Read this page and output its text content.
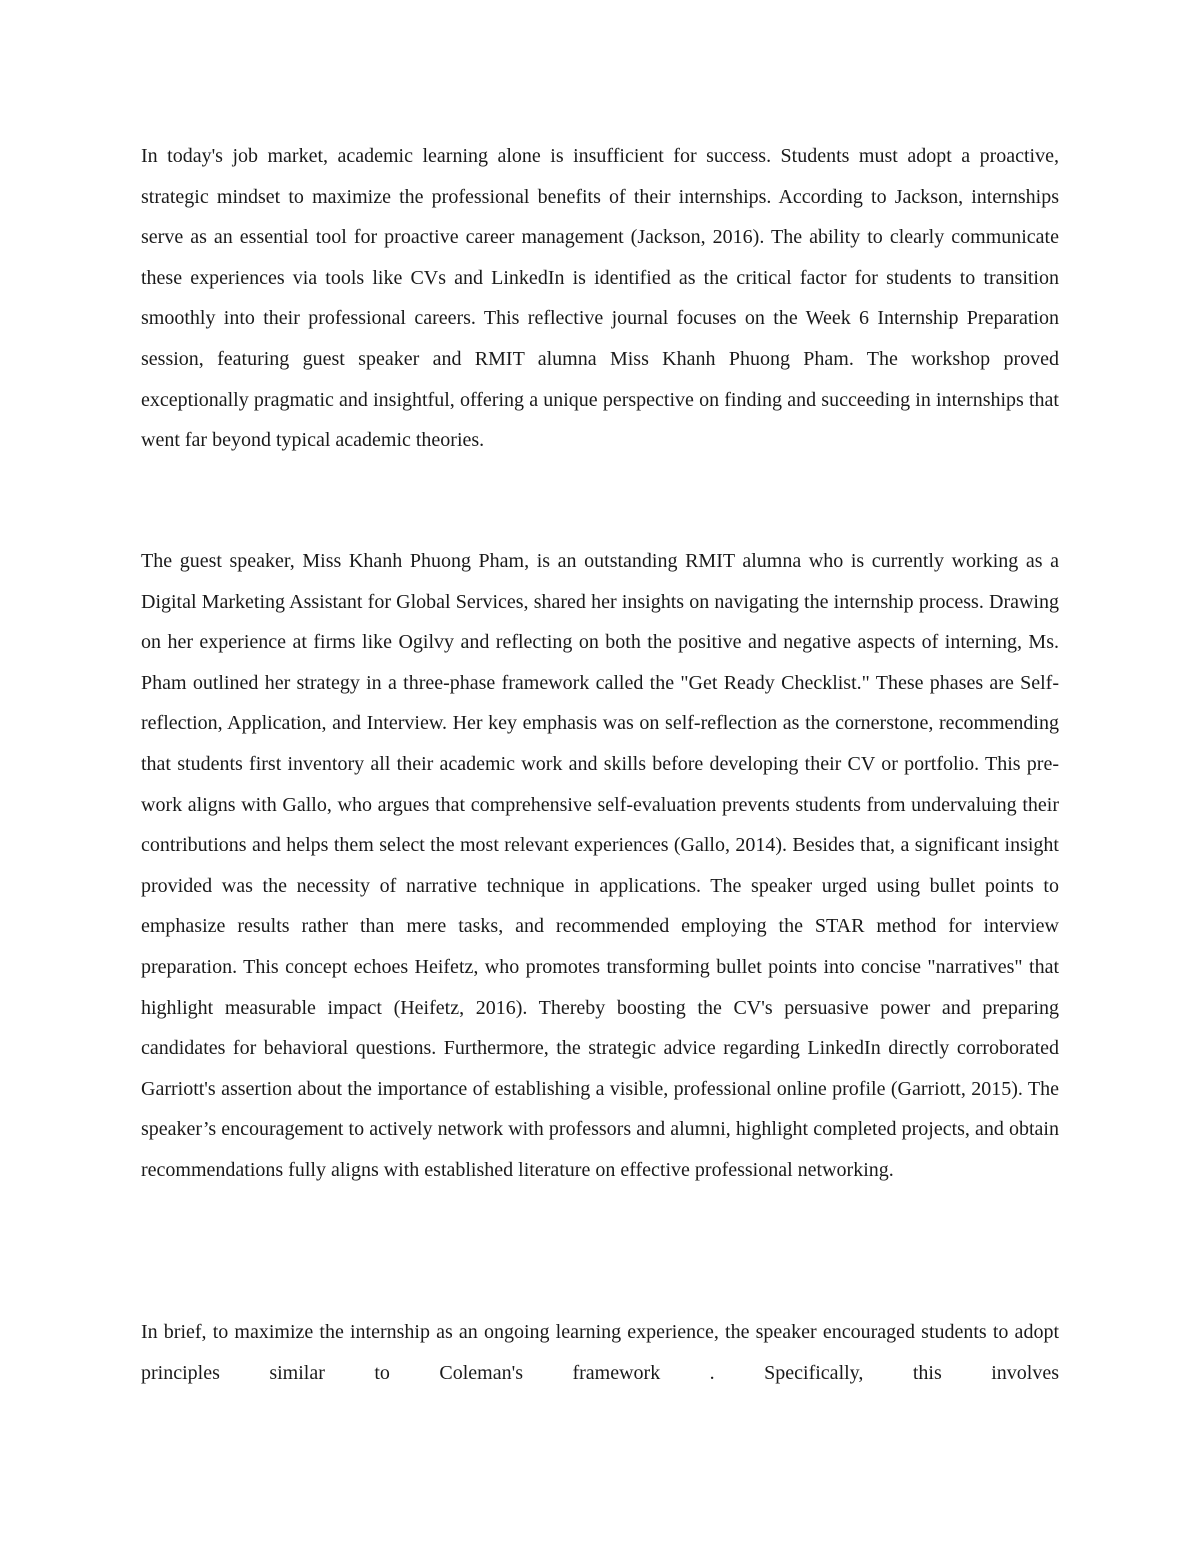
In today's job market, academic learning alone is insufficient for success. Students must adopt a proactive, strategic mindset to maximize the professional benefits of their internships. According to Jackson, internships serve as an essential tool for proactive career management (Jackson, 2016). The ability to clearly communicate these experiences via tools like CVs and LinkedIn is identified as the critical factor for students to transition smoothly into their professional careers. This reflective journal focuses on the Week 6 Internship Preparation session, featuring guest speaker and RMIT alumna Miss Khanh Phuong Pham. The workshop proved exceptionally pragmatic and insightful, offering a unique perspective on finding and succeeding in internships that went far beyond typical academic theories.

The guest speaker, Miss Khanh Phuong Pham, is an outstanding RMIT alumna who is currently working as a Digital Marketing Assistant for Global Services, shared her insights on navigating the internship process. Drawing on her experience at firms like Ogilvy and reflecting on both the positive and negative aspects of interning, Ms. Pham outlined her strategy in a three-phase framework called the "Get Ready Checklist." These phases are Self-reflection, Application, and Interview. Her key emphasis was on self-reflection as the cornerstone, recommending that students first inventory all their academic work and skills before developing their CV or portfolio. This pre-work aligns with Gallo, who argues that comprehensive self-evaluation prevents students from undervaluing their contributions and helps them select the most relevant experiences (Gallo, 2014). Besides that, a significant insight provided was the necessity of narrative technique in applications. The speaker urged using bullet points to emphasize results rather than mere tasks, and recommended employing the STAR method for interview preparation. This concept echoes Heifetz, who promotes transforming bullet points into concise "narratives" that highlight measurable impact (Heifetz, 2016). Thereby boosting the CV's persuasive power and preparing candidates for behavioral questions. Furthermore, the strategic advice regarding LinkedIn directly corroborated Garriott's assertion about the importance of establishing a visible, professional online profile (Garriott, 2015). The speaker’s encouragement to actively network with professors and alumni, highlight completed projects, and obtain recommendations fully aligns with established literature on effective professional networking.

In brief, to maximize the internship as an ongoing learning experience, the speaker encouraged students to adopt principles similar to Coleman's framework . Specifically, this involves
